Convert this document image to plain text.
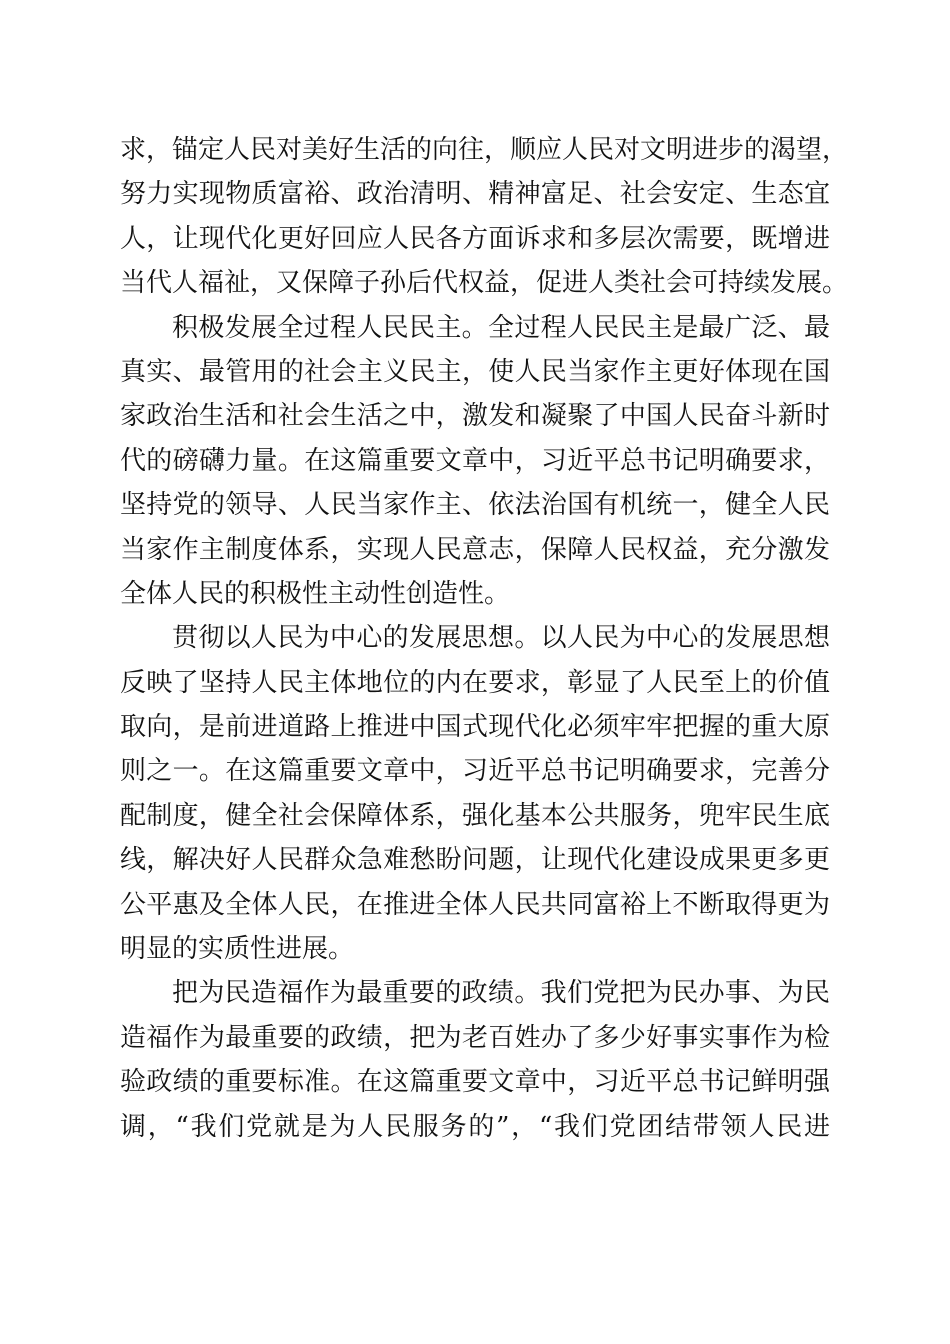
求，锚定人民对美好生活的向往，顺应人民对文明进步的渴望，
努力实现物质富裕、政治清明、精神富足、社会安定、生态宜
人，让现代化更好回应人民各方面诉求和多层次需要，既增进
当代人福祉，又保障子孙后代权益，促进人类社会可持续发展。
积极发展全过程人民民主。全过程人民民主是最广泛、最
真实、最管用的社会主义民主，使人民当家作主更好体现在国
家政治生活和社会生活之中，激发和凝聚了中国人民奋斗新时
代的磅礴力量。在这篇重要文章中，习近平总书记明确要求，
坚持党的领导、人民当家作主、依法治国有机统一，健全人民
当家作主制度体系，实现人民意志，保障人民权益，充分激发
全体人民的积极性主动性创造性。
贯彻以人民为中心的发展思想。以人民为中心的发展思想
反映了坚持人民主体地位的内在要求，彰显了人民至上的价值
取向，是前进道路上推进中国式现代化必须牢牢把握的重大原
则之一。在这篇重要文章中，习近平总书记明确要求，完善分
配制度，健全社会保障体系，强化基本公共服务，兜牢民生底
线，解决好人民群众急难愁盼问题，让现代化建设成果更多更
公平惠及全体人民，在推进全体人民共同富裕上不断取得更为
明显的实质性进展。
把为民造福作为最重要的政绩。我们党把为民办事、为民
造福作为最重要的政绩，把为老百姓办了多少好事实事作为检
验政绩的重要标准。在这篇重要文章中，习近平总书记鲜明强
调，“我们党就是为人民服务的”，“我们党团结带领人民进
